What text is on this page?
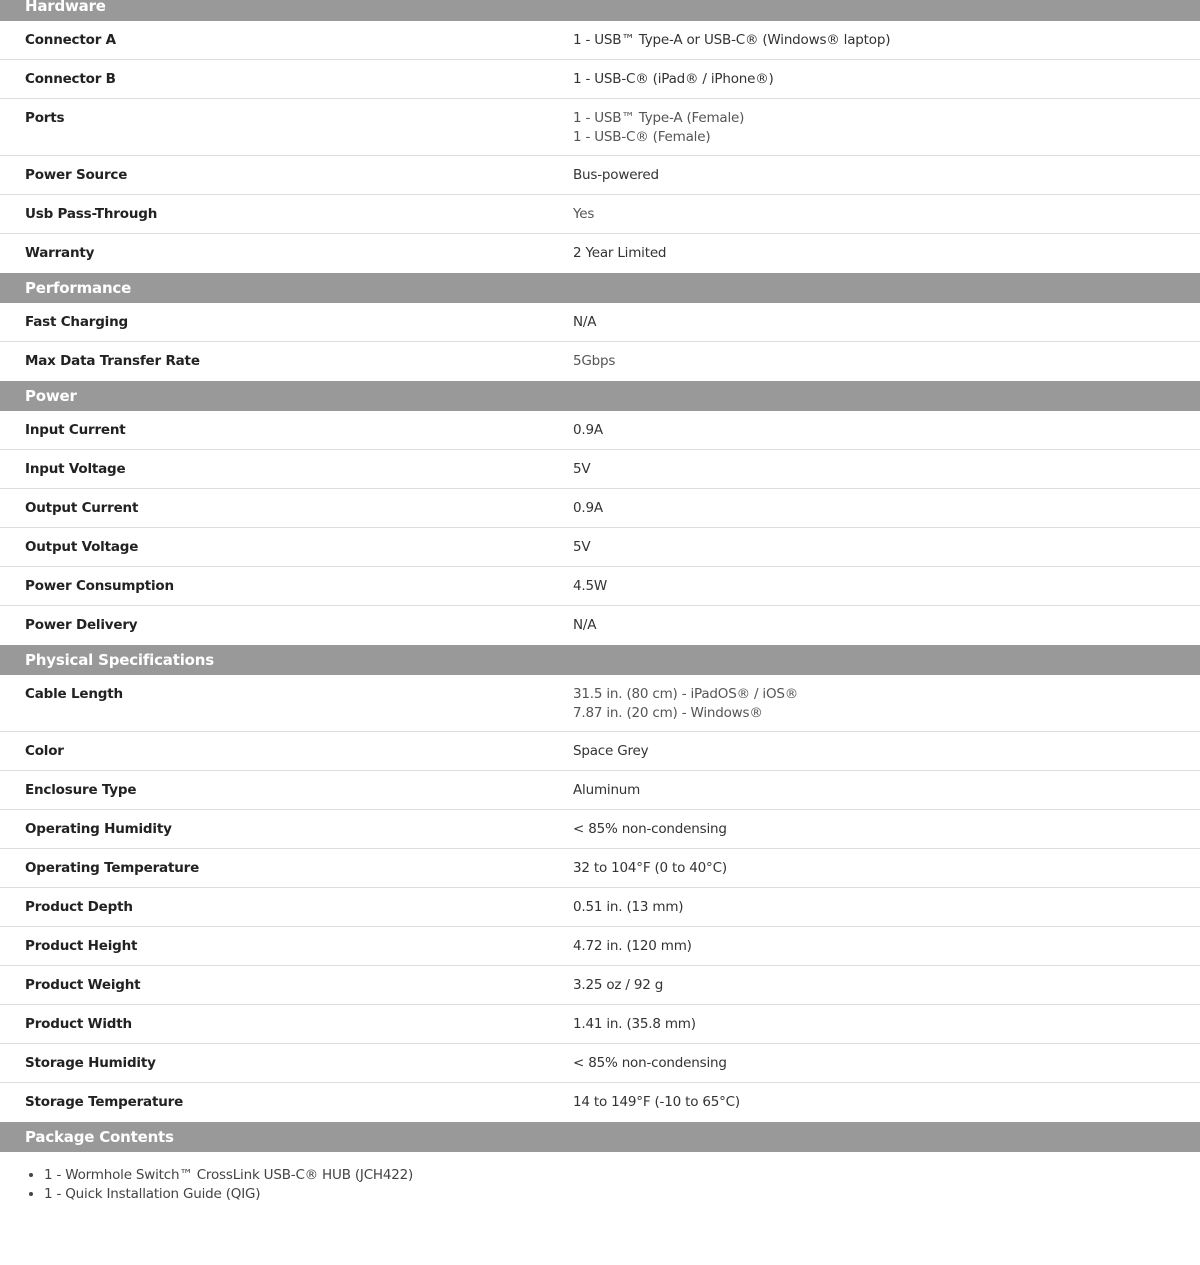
Hardware
Connector A	1 - USB™ Type-A or USB-C® (Windows® laptop)
Connector B	1 - USB-C® (iPad® / iPhone®)
Ports	1 - USB™ Type-A (Female)
1 - USB-C® (Female)
Power Source	Bus-powered
Usb Pass-Through	Yes
Warranty	2 Year Limited
Performance
Fast Charging	N/A
Max Data Transfer Rate	5Gbps
Power
Input Current	0.9A
Input Voltage	5V
Output Current	0.9A
Output Voltage	5V
Power Consumption	4.5W
Power Delivery	N/A
Physical Specifications
Cable Length	31.5 in. (80 cm) - iPadOS® / iOS®
7.87 in. (20 cm) - Windows®
Color	Space Grey
Enclosure Type	Aluminum
Operating Humidity	< 85% non-condensing
Operating Temperature	32 to 104°F (0 to 40°C)
Product Depth	0.51 in. (13 mm)
Product Height	4.72 in. (120 mm)
Product Weight	3.25 oz / 92 g
Product Width	1.41 in. (35.8 mm)
Storage Humidity	< 85% non-condensing
Storage Temperature	14 to 149°F (-10 to 65°C)
Package Contents
• 1 - Wormhole Switch™ CrossLink USB-C® HUB (JCH422)
• 1 - Quick Installation Guide (QIG)
